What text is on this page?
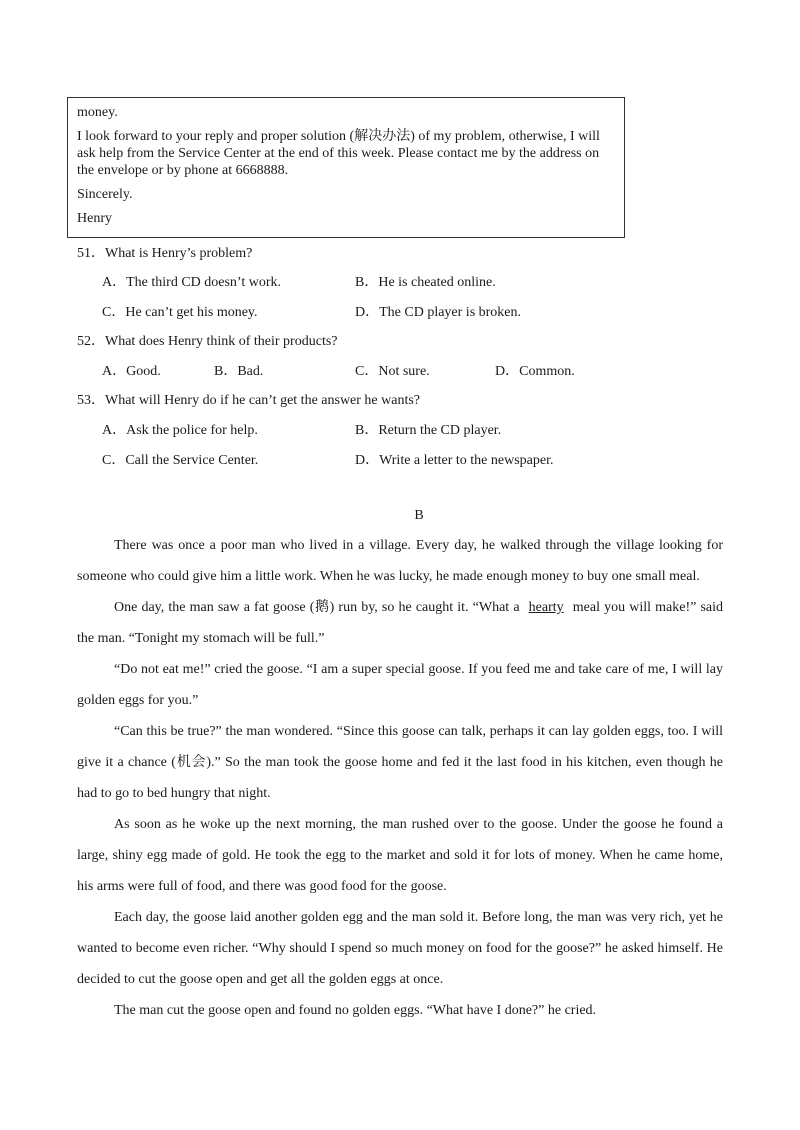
money.

I look forward to your reply and proper solution (解决办法) of my problem, otherwise, I will ask help from the Service Center at the end of this week. Please contact me by the address on the envelope or by phone at 6668888.

Sincerely.

Henry

51．What is Henry’s problem?
A．The third CD doesn’t work.	B．He is cheated online.
C．He can’t get his money.	D．The CD player is broken.
52．What does Henry think of their products?
A．Good.	B．Bad.	C．Not sure.	D．Common.
53．What will Henry do if he can’t get the answer he wants?
A．Ask the police for help.	B．Return the CD player.
C．Call the Service Center.	D．Write a letter to the newspaper.
B

There was once a poor man who lived in a village. Every day, he walked through the village looking for someone who could give him a little work. When he was lucky, he made enough money to buy one small meal.

One day, the man saw a fat goose (鹅) run by, so he caught it. “What a hearty meal you will make!” said the man. “Tonight my stomach will be full.”

“Do not eat me!” cried the goose. “I am a super special goose. If you feed me and take care of me, I will lay golden eggs for you.”

“Can this be true?” the man wondered. “Since this goose can talk, perhaps it can lay golden eggs, too. I will give it a chance (机会).” So the man took the goose home and fed it the last food in his kitchen, even though he had to go to bed hungry that night.

As soon as he woke up the next morning, the man rushed over to the goose. Under the goose he found a large, shiny egg made of gold. He took the egg to the market and sold it for lots of money. When he came home, his arms were full of food, and there was good food for the goose.

Each day, the goose laid another golden egg and the man sold it. Before long, the man was very rich, yet he wanted to become even richer. “Why should I spend so much money on food for the goose?” he asked himself. He decided to cut the goose open and get all the golden eggs at once.

The man cut the goose open and found no golden eggs. “What have I done?” he cried.
